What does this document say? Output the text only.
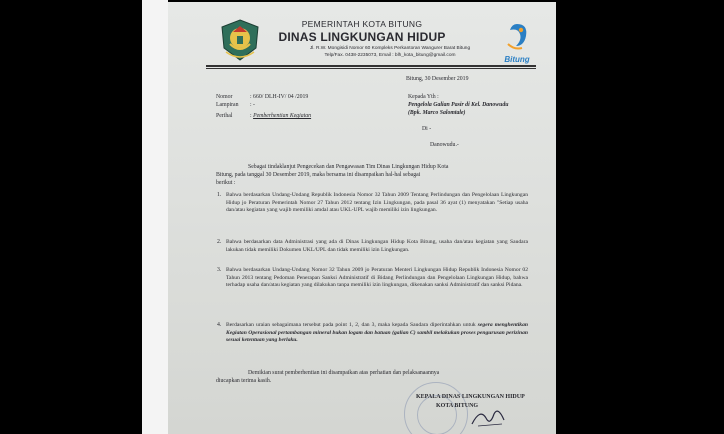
PEMERINTAH KOTA BITUNG
DINAS LINGKUNGAN HIDUP
Jl. R.W. Mongisidi Nomor 60 Kompleks Perkantoran Wangurer Barat Bitung
Telp/Fax. 0438-2235073, Email : blh_kota_bitung@gmail.com	Bitung
Bitung, 30 Desember 2019
Nomor	: 660/ DLH-IV/ 04 /2019
Lampiran : -
Perihal	: Pemberhentian Kegiatan
Kepada Yth :
Pengelola Galian Pasir di Kel. Danowudu
(Bpk. Marco Salomtale)
Di -
Danowudu.-
Sebagai tindaklanjut Pengecekan dan Pengawasan Tim Dinas Lingkungan Hidup Kota
Bitung, pada tanggal 30 Desember 2019, maka bersama ini disampaikan hal-hal sebagai
berikut :
1. Bahwa berdasarkan Undang-Undang Republik Indonesia Nomor 32 Tahun 2009 Tentang Perlindungan dan Pengelolaan Lingkungan Hidup jo Peraturan Pemerintah Nomor 27 Tahun 2012 tentang Izin Lingkungan, pada pasal 36 ayat (1) menyatakan "Setiap usaha dan/atau kegiatan yang wajib memiliki amdal atau UKL-UPL wajib memiliki izin lingkungan.
2. Bahwa berdasarkan data Administrasi yang ada di Dinas Lingkungan Hidup Kota Bitung, usaha dan/atau kegiatan yang Saudara lakukan tidak memiliki Dokumen UKL/UPL dan tidak memiliki izin Lingkungan.
3. Bahwa berdasarkan Undang-Undang Nomor 32 Tahun 2009 jo Peraturan Menteri Lingkungan Hidup Republik Indonesia Nomor 02 Tahun 2013 tentang Pedoman Penerapan Sanksi Administratif di Bidang Perlindungan dan Pengelolaan Lingkungan Hidup, bahwa terhadap usaha dan/atau kegiatan yang dilakukan tanpa memiliki izin lingkungan, dikenakan sanksi Administratif dan sanksi Pidana.
4. Berdasarkan uraian sebagaimana tersebut pada point 1, 2, dan 3, maka kepada Saudara diperintahkan untuk segera menghentikan Kegiatan Operasional pertambangan mineral bukan logam dan batuan (galian C) sambil melakukan proses pengurusan perizinan sesuai ketentuan yang berlaku.
Demikian surat pemberhentian ini disampaikan atas perhatian dan pelaksanaannya
diucapkan terima kasih.
KEPALA DINAS LINGKUNGAN HIDUP
KOTA BITUNG
